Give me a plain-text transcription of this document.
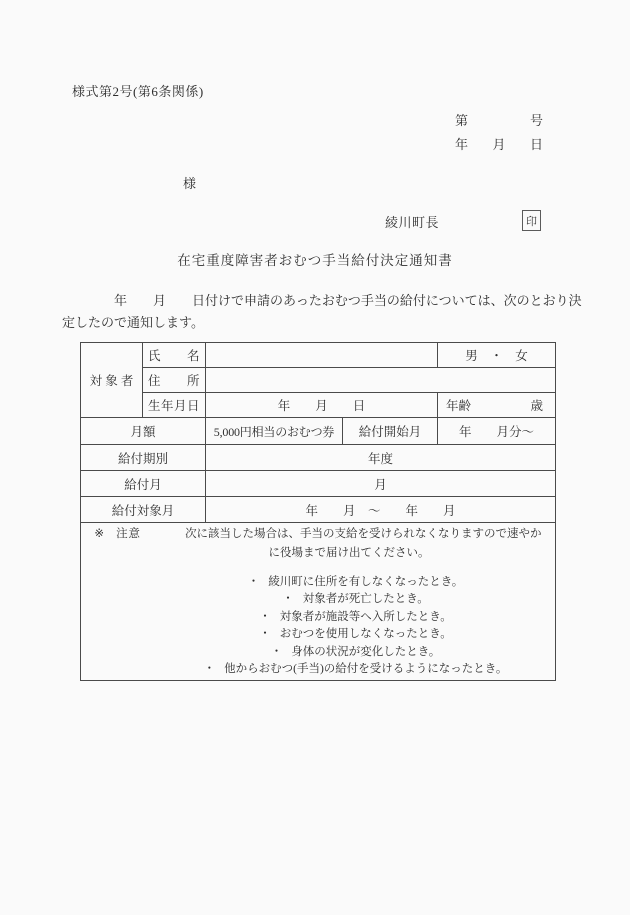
様式第2号(第6条関係)
第	号
年 月 日
様
綾川町長	印
在宅重度障害者おむつ手当給付決定通知書
　　　　年　　月　　日付けで申請のあったおむつ手当の給付については、次のとおり決
定したので通知します。
対 象 者	氏　　名			男　・　女
	住　　所			
	生年月日	年　　月　　日		年齢 歳

月額		5,000円相当のおむつ券	給付開始月	年　　月分～
給付期別		年度		
給付月		月		
給付対象月		年　　月　～　　年　　月		

※ 注意	次に該当した場合は、手当の支給を受けられなくなりますので速やか
に役場まで届け出てください。
・ 綾川町に住所を有しなくなったとき。
・ 対象者が死亡したとき。
・ 対象者が施設等へ入所したとき。
・ おむつを使用しなくなったとき。
・ 身体の状況が変化したとき。
・ 他からおむつ(手当)の給付を受けるようになったとき。
